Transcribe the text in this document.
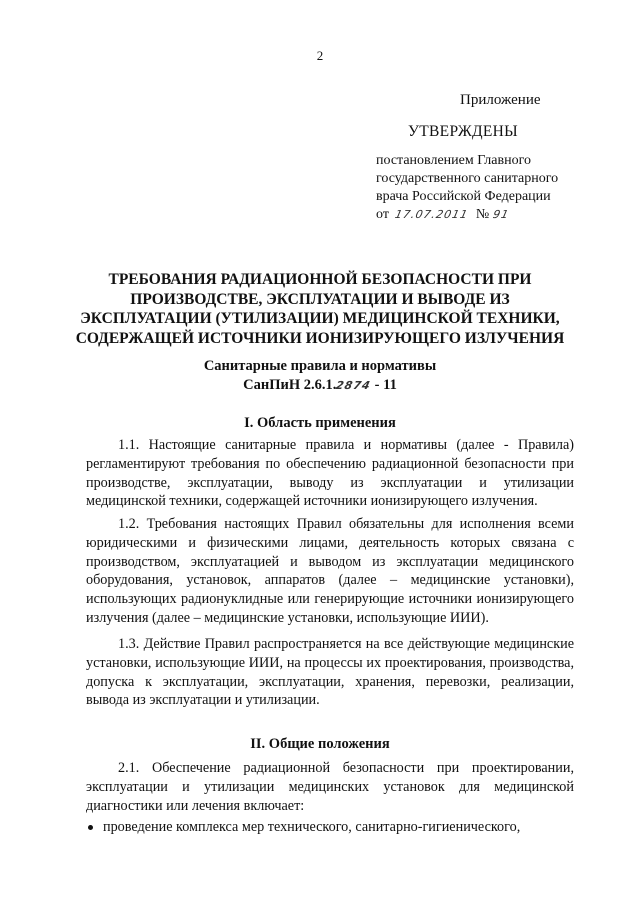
2
Приложение
УТВЕРЖДЕНЫ
постановлением Главного
государственного санитарного
врача Российской Федерации
от 17.07.2011 № 91
ТРЕБОВАНИЯ РАДИАЦИОННОЙ БЕЗОПАСНОСТИ ПРИ
ПРОИЗВОДСТВЕ, ЭКСПЛУАТАЦИИ И ВЫВОДЕ ИЗ
ЭКСПЛУАТАЦИИ (УТИЛИЗАЦИИ) МЕДИЦИНСКОЙ ТЕХНИКИ,
СОДЕРЖАЩЕЙ ИСТОЧНИКИ ИОНИЗИРУЮЩЕГО ИЗЛУЧЕНИЯ
Санитарные правила и нормативы
СанПиН 2.6.1.2874 - 11
I. Область применения
1.1. Настоящие санитарные правила и нормативы (далее - Правила) регламентируют требования по обеспечению радиационной безопасности при производстве, эксплуатации, выводу из эксплуатации и утилизации медицинской техники, содержащей источники ионизирующего излучения.
1.2. Требования настоящих Правил обязательны для исполнения всеми юридическими и физическими лицами, деятельность которых связана с производством, эксплуатацией и выводом из эксплуатации медицинского оборудования, установок, аппаратов (далее – медицинские установки), использующих радионуклидные или генерирующие источники ионизирующего излучения (далее – медицинские установки, использующие ИИИ).
1.3. Действие Правил распространяется на все действующие медицинские установки, использующие ИИИ, на процессы их проектирования, производства, допуска к эксплуатации, эксплуатации, хранения, перевозки, реализации, вывода из эксплуатации и утилизации.
II. Общие положения
2.1. Обеспечение радиационной безопасности при проектировании, эксплуатации и утилизации медицинских установок для медицинской диагностики или лечения включает:
проведение комплекса мер технического, санитарно-гигиенического,
